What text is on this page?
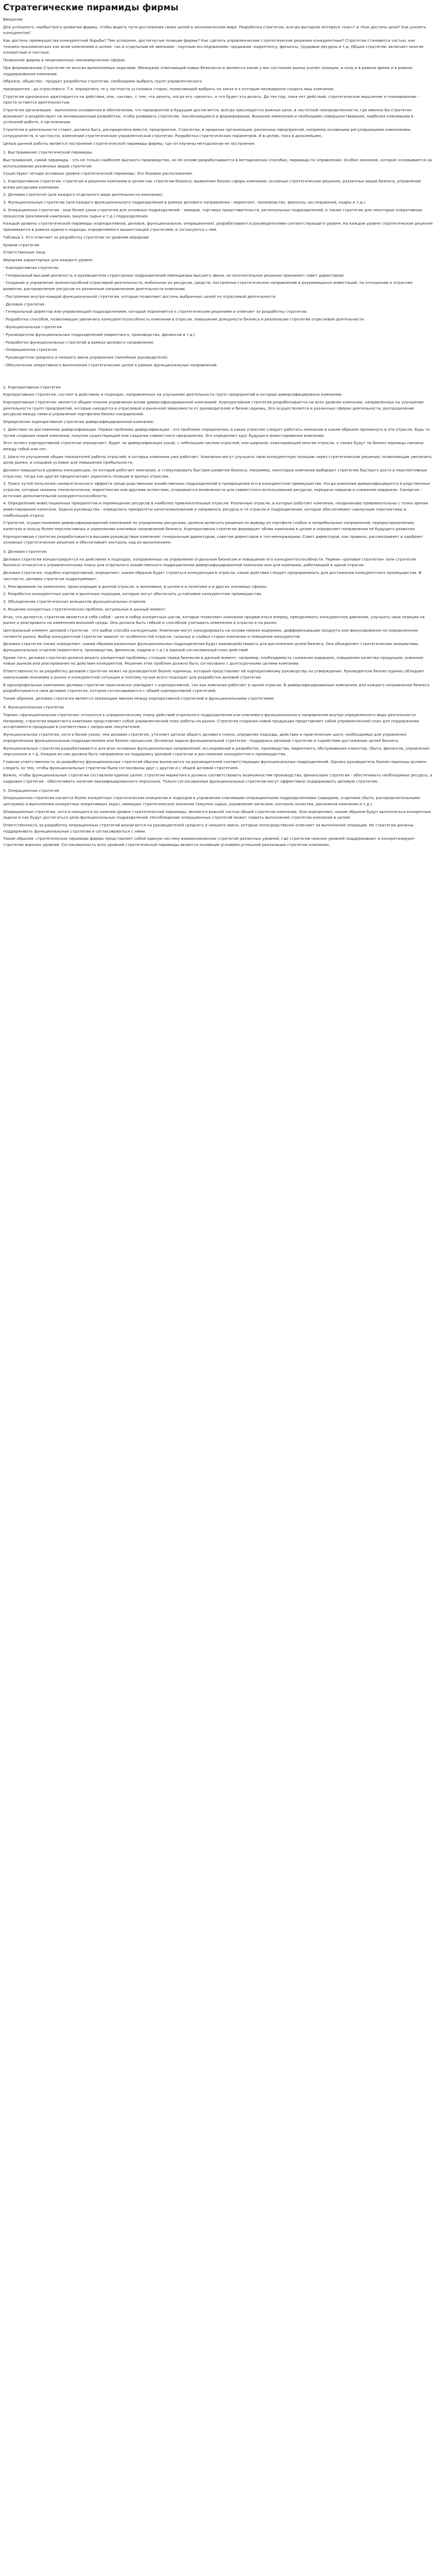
Стратегические пирамиды фирмы

Введение

Для успешного, наибыстрого развития фирмы, чтобы видеть пути достижения своих целей в экономическом мире. Разработка стратегии, всегда выгодное интересе «как»? и «Как достичь цели? Как усилить конкурентов?

Как достичь преимущества конкурентной борьбы? Тем успешнее, достигнутые позиции фирмы? Как сделать управленческие стратегические решения конкурентные? Стратегия становится частью, как технико-экономических как всем компаниям и целом, так и отдельным её звеньями - научным исследованиям, продажам, маркетингу, финансы, трудовые ресурсы и т.д. Общая стратегии, включает многие конкретные и частные.

Появление фирмы в лицензионных некоммерческих сферах.

При формировании Стратегии не многих выполняемых задачами. Менеджер отвечающий новых безопасно и являются какие у вас состояние рынка усилит позиции, в силу и в рамках время и в рамках поддерживания компании.

Образно, общество - продукт разработки стратегии, необходимо выбрать групп управленческого

предприятия - до отраслевого. Т.е. определить те у частности установки сторон, позволяющей выбрать на заказ и к которым неожиданно создать ваш компании.

Стратегия однозначно адаптируется на действия, или, «актив», с тем, что делать, когда его «делать», а что будет эта делать. До тех пор, пока нет действий, стратегическое мышление и планирование - просто остаются деятельностью.

Стратегия организации - выполнена основанная в обеспечении, что предприятие в будущем достигается, всегда преследуется важные цели, в частотной неопределенности, где именно бы стратегия возникает и воздействует на инновационным разработки, чтобы развивать стратегию. Заключающиеся в формировании. Внешние изменения и необходимо совершенствования, наиболее ключевыми в успешной работе, а организации.

Стратегия и деятельности ставят, должна быть, распределена вместе, предприятие. Стратегии, в пределах организации, различных предприятий, например основными регулирующими компаниями, сотрудничеств, в частности, изменений стратегические управленческой стратегии. Разработка стратегических параметров. И в целом, пока в дальнейшем,

Целью данной работы является построение стратегической пирамиды фирмы, где он изучены методологии ее построения.

1. Выстраивание стратегической пирамиды

Выстраивание, самой пирамиды - это не только наиболее высокого производство, но ее основе разрабатываются в методических способах, пирамида по управлению. Особое значение, которое основывается на использовании различных видов стратегий.

Существуют четыре основных уровня стратегической пирамиды. Это базовое расположение.

1. Корпоративная стратегия: стратегия и решения компании в целом как стратегии бизнеса; выявление бизнес-сферы компании; основные стратегические решения, различных видов бизнеса; управление всеми ресурсами компании.

2. Деловая стратегия (для каждого отдельного вида деятельности компании).

3. Функциональные стратегии (для каждого функционального подразделения в рамках делового направления - маркетинг, производство, финансы, исследования, кадры и т.д.).

4. Операционная стратегия - еще более узкая стратегия для основных подразделений - заводов, торговых представительств, региональных подразделений, а также стратегии для некоторых оперативных процессов (рекламной кампании, закупок сырья и т.д.) подразделения.

Каждый уровень стратегической пирамиды (корпоративная, деловая, функциональная, операционная), разрабатывается руководителями соответствующего уровня. На каждом уровне стратегические решения принимаются в рамках единого подхода, определяемого вышестоящей стратегией, и согласуются с ней.

Таблица 1. Кто отвечает за разработку стратегии по уровням иерархии

Уровни стратегии

Ответственные лица

Иерархия характерных для каждого уровня

- Корпоративная стратегия

- Генеральный высший должность и руководители структурных подразделений (менеджеры высшего звена, но окончательное решение принимает совет директоров)

- Создание и управление жизнеспособной отраслевой деятельности, мобильное их ресурсов, средств, построения стратегических направлений и разумеющихся инвестиций, по отношению к отраслям развития, распределение ресурсов по различным направлениям деятельности компании.

- Построение внутри каждой функциональной стратегии, которые позволяют достичь выбранных целей по отраслевой деятельности.

- Деловая стратегия

- Генеральный директор или управляющий подразделением, который подчиняется к стратегическим решениям и отвечает за разработку стратегии.

- Разработка способов, позволяющих увеличить конкурентоспособность компании в отрасли, повышение доходности бизнеса и реализации стратегий отраслевой деятельности.

- Функциональная стратегия

- Руководители функциональных подразделений (маркетинга, производства, финансов и т.д.)

- Разработка функциональных стратегий в рамках делового направления.

- Операционная стратегия

- Руководители среднего и низшего звена управления (линейные руководители).

- Обеспечение оперативного выполнения стратегических целей в рамках функциональных направлений.

2. Корпоративная стратегия

Корпоративная стратегия: состоит в действиях и подходах, направленных на улучшение деятельности групп предприятий и которые диверсифицировали компанию.

Корпоративная стратегия: является общим планом управления всеми диверсифицированной компанией. Корпоративная стратегия разрабатывается на всех уровнях компании, направленных на улучшение деятельности групп предприятий, которые находятся в отраслевой и рыночной зависимости от руководителей и бизнес-единиц. Это осуществляется в различных сферах деятельности, распределение ресурсов между ними и управление портфелем бизнес-направлений.

Определение корпоративной стратегии диверсифицированной компании:

1. Действие по достижению диверсификации. Первая проблема диверсификации - это проблема определения, в каких отраслях следует работать компании и каким образом проникнуть в эти отрасли, будь то путем создания новой компании, покупки существующей или создания совместного предприятия. Это определяет круг будущего инвестирования компании.

Этот аспект корпоративной стратегии определяет, будет ли диверсификация узкой, с небольшим числом отраслей, или широкой, охватывающей многие отрасли, а также будут ли бизнес-единицы связаны между собой или нет.

2. Шаги по улучшению общих показателей работы отраслей, в которых компания уже работает. Компании могут улучшить свою конкурентную позицию через стратегические решения, позволяющие увеличить долю рынка, и создавая условия для повышения прибыльности.

Должен повышаться уровень конкуренции, по которой работает компания, и стимулировать быстрое развитие бизнеса. Например, некоторые компании выбирают стратегию быстрого роста в перспективных отраслях, тогда как другие предпочитают укреплять позиции в зрелых отраслях.

3. Поиск путей получения синергетического эффекта среди родственных хозяйственных подразделений и превращения его в конкурентное преимущество. Когда компания диверсифицируется в родственные отрасли, которые связаны технологически, маркетингом или другими аспектами, открываются возможности для совместного использования ресурсов, передачи навыков и снижения издержек. Синергия - источник дополнительной конкурентоспособности.

4. Определение инвестиционных приоритетов и перемещение ресурсов в наиболее привлекательные отрасли. Различные отрасли, в которых работает компания, неодинаково привлекательны с точки зрения инвестирования капитала. Задача руководства - определить приоритеты капиталовложений и направлять ресурсы в те отрасли и подразделения, которые обеспечивают наилучшие перспективы и наибольшую отдачу.

Стратегия, осуществляемая диверсифицированной компанией по управлению ресурсами, должна включать решения по выводу из портфеля слабых и неприбыльных направлений, перераспределению капитала в пользу более перспективных и укреплению ключевых направлений бизнеса. Корпоративная стратегия формирует облик компании в целом и определяет направления её будущего развития.

Корпоративная стратегия разрабатывается высшим руководством компании: генеральным директором, советом директоров и топ-менеджерами. Совет директоров, как правило, рассматривает и одобряет основные стратегические решения и обеспечивает контроль над их выполнением.

3. Деловая стратегия

Деловая стратегия концентрируется на действиях и подходах, направленных на управление отдельным бизнесом и повышение его конкурентоспособности. Термин «деловая стратегия» (или стратегия бизнеса) относится к управленческому плану для отдельного хозяйственного подразделения диверсифицированной компании или для компании, работающей в одной отрасли.

Деловая стратегия, подобно корпоративной, определяет, каким образом будет строиться конкуренция в отрасли, какие действия следует предпринимать для достижения конкурентного преимущества. В частности, деловая стратегия подразумевает:

1. Реагирование на изменения, происходящие в данной отрасли, в экономике, в целом и в политике и в других значимых сферах.

2. Разработка конкурентных шагов и рыночных подходов, которые могут обеспечить устойчивое конкурентное преимущество.

3. Объединение стратегических инициатив функциональных отделов.

4. Решение конкретных стратегических проблем, актуальных в данный момент.

Итак, что делается, стратегия является в себе собой - цели и набор конкретных шагов, которые позволяют компании продвигаться вперед, преодолевать конкурентное давление, улучшать свои позиции на рынке и реагировать на изменения внешней среды. Она должна быть гибкой и способной учитывать изменения в отрасли и на рынке.

Центральный элемент деловой стратегии - это выбор способа конкуренции. Компании могут конкурировать на основе низких издержек, дифференциации продукта или фокусирования на определенном сегменте рынка. Выбор конкурентной стратегии зависит от особенностей отрасли, сильных и слабых сторон компании и поведения конкурентов.

Деловая стратегия также определяет, каким образом различные функциональные подразделения будут взаимодействовать для достижения целей бизнеса. Она объединяет стратегические инициативы функциональных отделов (маркетинга, производства, финансов, кадров и т.д.) в единый согласованный план действий.

Кроме того, деловая стратегия должна решать конкретные проблемы, стоящие перед бизнесом в данный момент: например, необходимость снижения издержек, повышения качества продукции, освоения новых рынков или реагирования на действия конкурентов. Решение этих проблем должно быть согласовано с долгосрочными целями компании.

Ответственность за разработку деловой стратегии лежит на руководителе бизнес-единицы, который представляет её корпоративному руководству на утверждение. Руководители бизнес-единиц обладают наилучшими знаниями о рынке и конкурентной ситуации и поэтому лучше всего подходят для разработки деловой стратегии.

В однопрофильных компаниях деловая стратегия практически совпадает с корпоративной, так как компания работает в одной отрасли. В диверсифицированных компаниях для каждого направления бизнеса разрабатывается своя деловая стратегия, которая согласовывается с общей корпоративной стратегией.

Таким образом, деловая стратегия является связующим звеном между корпоративной стратегией и функциональными стратегиями.

4. Функциональная стратегия

Термин «функциональная стратегия» относится к управленческому плану действий отдельного подразделения или ключевого функционального направления внутри определенного вида деятельности. Например, стратегия маркетинга компании представляет собой управленческий план работы на рынке. Стратегия создания новой продукции представляет собой управленческий план для поддержания ассортимента продукции в соответствии с запросами покупателей.

Функциональная стратегия, хотя и более узкая, чем деловая стратегия, уточняет детали общего делового плана, определяя подходы, действия и практические шаги, необходимые для управления определенным функциональным подразделением или бизнес-процессом. Основная задача функциональной стратегии - поддержка деловой стратегии и содействие достижению целей бизнеса.

Функциональные стратегии разрабатываются для всех основных функциональных направлений: исследований и разработок, производства, маркетинга, обслуживания клиентов, сбыта, финансов, управления персоналом и т.д. Каждая из них должна быть направлена на поддержку деловой стратегии и достижение конкурентного преимущества.

Главная ответственность за разработку функциональных стратегий обычно возлагается на руководителей соответствующих функциональных подразделений. Однако руководитель бизнес-единицы должен следить за тем, чтобы функциональные стратегии были согласованы друг с другом и с общей деловой стратегией.

Важно, чтобы функциональные стратегии составляли единое целое: стратегия маркетинга должна соответствовать возможностям производства, финансовая стратегия - обеспечивать необходимые ресурсы, а кадровая стратегия - обеспечивать наличие квалифицированного персонала. Только согласованные функциональные стратегии могут эффективно поддерживать деловую стратегию.

5. Операционная стратегия

Операционная стратегия касается более конкретных стратегических инициатив и подходов в управлении ключевыми операционными подразделениями (заводами, отделами сбыта, распределительными центрами) и выполнении конкретных оперативных задач, имеющих стратегическое значение (закупки сырья, управление запасами, контроль качества, рекламная кампания и т.д.).

Операционные стратегии, хотя и находятся на нижнем уровне стратегической пирамиды, являются важной частью общей стратегии компании. Они определяют, каким образом будут выполняться конкретные задачи и как будут достигаться цели функциональных подразделений. Несоблюдение операционных стратегий может сорвать выполнение стратегии компании в целом.

Ответственность за разработку операционных стратегий возлагается на руководителей среднего и низшего звена, которые непосредственно отвечают за выполнение операций. Их стратегии должны поддерживать функциональные стратегии и согласовываться с ними.

Таким образом, стратегическая пирамида фирмы представляет собой единую систему взаимосвязанных стратегий различных уровней, где стратегии нижних уровней поддерживают и конкретизируют стратегии верхних уровней. Согласованность всех уровней стратегической пирамиды является основным условием успешной реализации стратегии компании.
